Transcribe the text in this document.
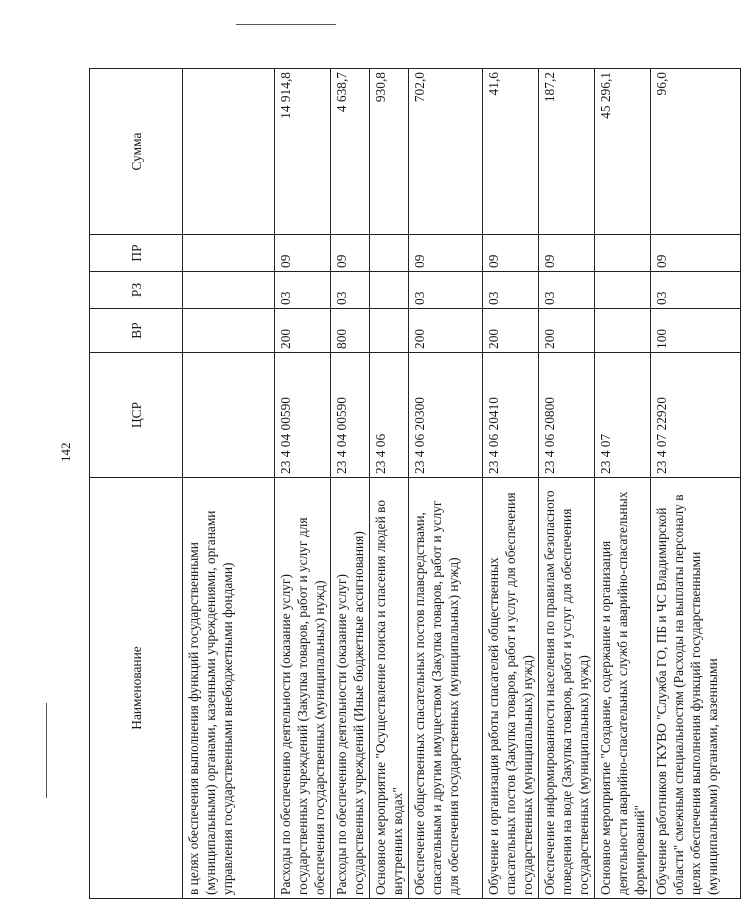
142
Наименование	ЦСР	ВР	РЗ	ПР	Сумма
в целях обеспечения выполнения функций государственными (муниципальными) органами, казенными учреждениями, органами управления государственными внебюджетными фондами)					
Расходы по обеспечению деятельности (оказание услуг) государственных учреждений (Закупка товаров, работ и услуг для обеспечения государственных (муниципальных) нужд)	23 4 04 00590	200	03	09	14 914,8
Расходы по обеспечению деятельности (оказание услуг) государственных учреждений (Иные бюджетные ассигнования)	23 4 04 00590	800	03	09	4 638,7
Основное мероприятие "Осуществление поиска и спасения людей во внутренних водах"	23 4 06				930,8
Обеспечение общественных спасательных постов плавсредствами, спасательным и другим имуществом (Закупка товаров, работ и услуг для обеспечения государственных (муниципальных) нужд)	23 4 06 20300	200	03	09	702,0
Обучение и организация работы спасателей общественных спасательных постов (Закупка товаров, работ и услуг для обеспечения государственных (муниципальных) нужд)	23 4 06 20410	200	03	09	41,6
Обеспечение информированности населения по правилам безопасного поведения на воде (Закупка товаров, работ и услуг для обеспечения государственных (муниципальных) нужд)	23 4 06 20800	200	03	09	187,2
Основное мероприятие "Создание, содержание и организация деятельности аварийно-спасательных служб и аварийно-спасательных формирований"	23 4 07				45 296,1
Обучение работников ГКУВО "Служба ГО, ПБ и ЧС Владимирской области" смежным специальностям (Расходы на выплаты персоналу в целях обеспечения выполнения функций государственными (муниципальными) органами, казенными	23 4 07 22920	100	03	09	96,0
